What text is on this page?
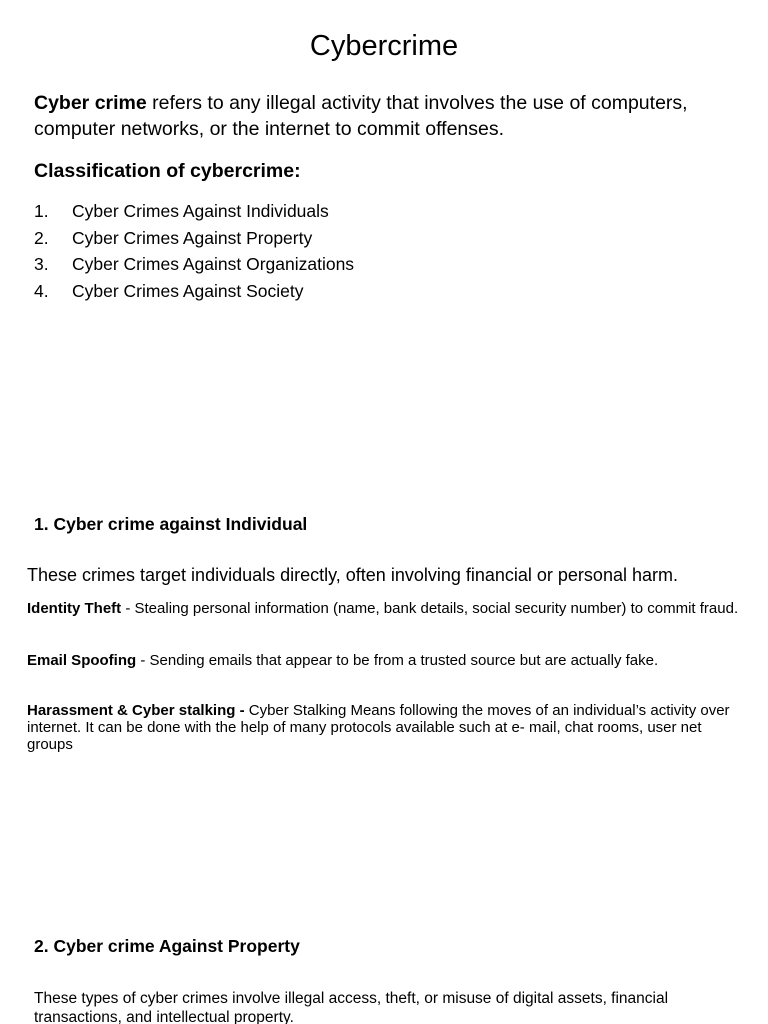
Cybercrime

Cyber crime refers to any illegal activity that involves the use of computers, computer networks, or the internet to commit offenses.

Classification of cybercrime:

1.	Cyber Crimes Against Individuals
2.	Cyber Crimes Against Property
3.	Cyber Crimes Against Organizations
4.	Cyber Crimes Against Society

1. Cyber crime against Individual

These crimes target individuals directly, often involving financial or personal harm.

Identity Theft - Stealing personal information (name, bank details, social security number) to commit fraud.

Email Spoofing - Sending emails that appear to be from a trusted source but are actually fake.

Harassment & Cyber stalking - Cyber Stalking Means following the moves of an individual’s activity over internet. It can be done with the help of many protocols available such at e- mail, chat rooms, user net groups

2. Cyber crime Against Property

These types of cyber crimes involve illegal access, theft, or misuse of digital assets, financial transactions, and intellectual property.
